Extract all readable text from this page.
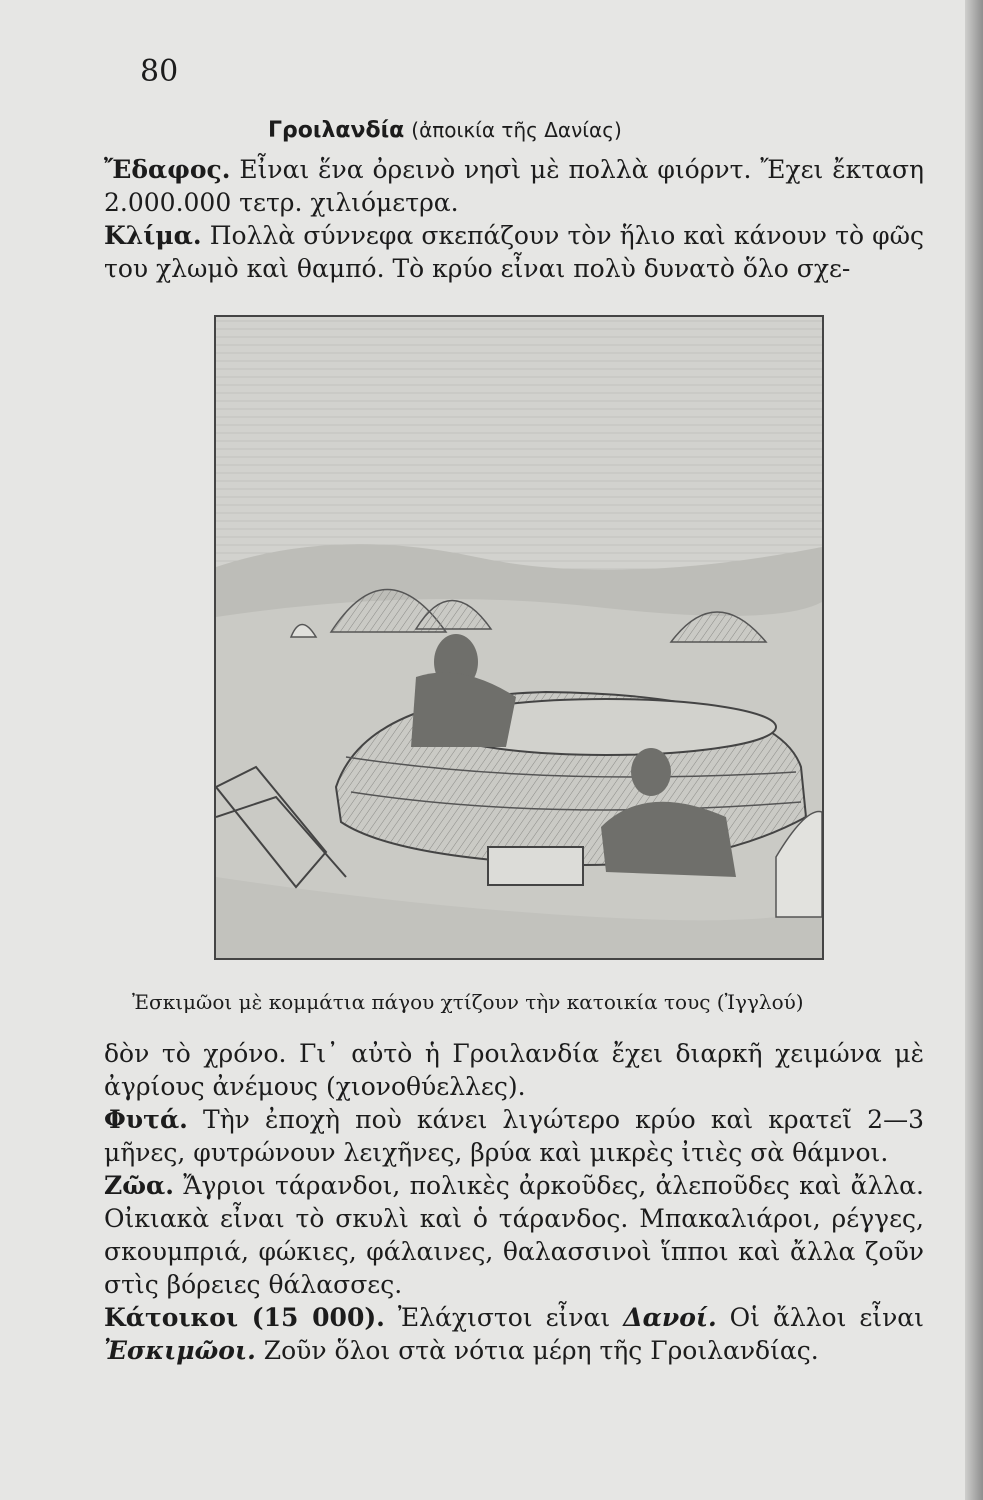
80
Γροιλανδία (ἀποικία τῆς Δανίας)
Ἔδαφος. Εἶναι ἕνα ὀρεινὸ νησὶ μὲ πολλὰ φιόρντ. Ἔχει ἔκταση 2.000.000 τετρ. χιλιόμετρα.
Κλίμα. Πολλὰ σύννεφα σκεπάζουν τὸν ἥλιο καὶ κάνουν τὸ φῶς του χλωμὸ καὶ θαμπό. Τὸ κρύο εἶναι πολὺ δυνατὸ ὅλο σχε-
Ἐσκιμῶοι μὲ κομμάτια πάγου χτίζουν τὴν κατοικία τους (Ἰγγλού)
δὸν τὸ χρόνο. Γι᾽ αὐτὸ ἡ Γροιλανδία ἔχει διαρκῆ χειμώνα μὲ ἀγρίους ἀνέμους (χιονοθύελλες).
Φυτά. Τὴν ἐποχὴ ποὺ κάνει λιγώτερο κρύο καὶ κρατεῖ 2—3 μῆνες, φυτρώνουν λειχῆνες, βρύα καὶ μικρὲς ἰτιὲς σὰ θάμνοι.
Ζῶα. Ἄγριοι τάρανδοι, πολικὲς ἀρκοῦδες, ἀλεποῦδες καὶ ἄλλα. Οἰκιακὰ εἶναι τὸ σκυλὶ καὶ ὁ τάρανδος. Μπακαλιάροι, ρέγγες, σκουμπριά, φώκιες, φάλαινες, θαλασσινοὶ ἵπποι καὶ ἄλλα ζοῦν στὶς βόρειες θάλασσες.
Κάτοικοι (15 000). Ἐλάχιστοι εἶναι Δανοί. Οἱ ἄλλοι εἶναι Ἐσκιμῶοι. Ζοῦν ὅλοι στὰ νότια μέρη τῆς Γροιλανδίας.
